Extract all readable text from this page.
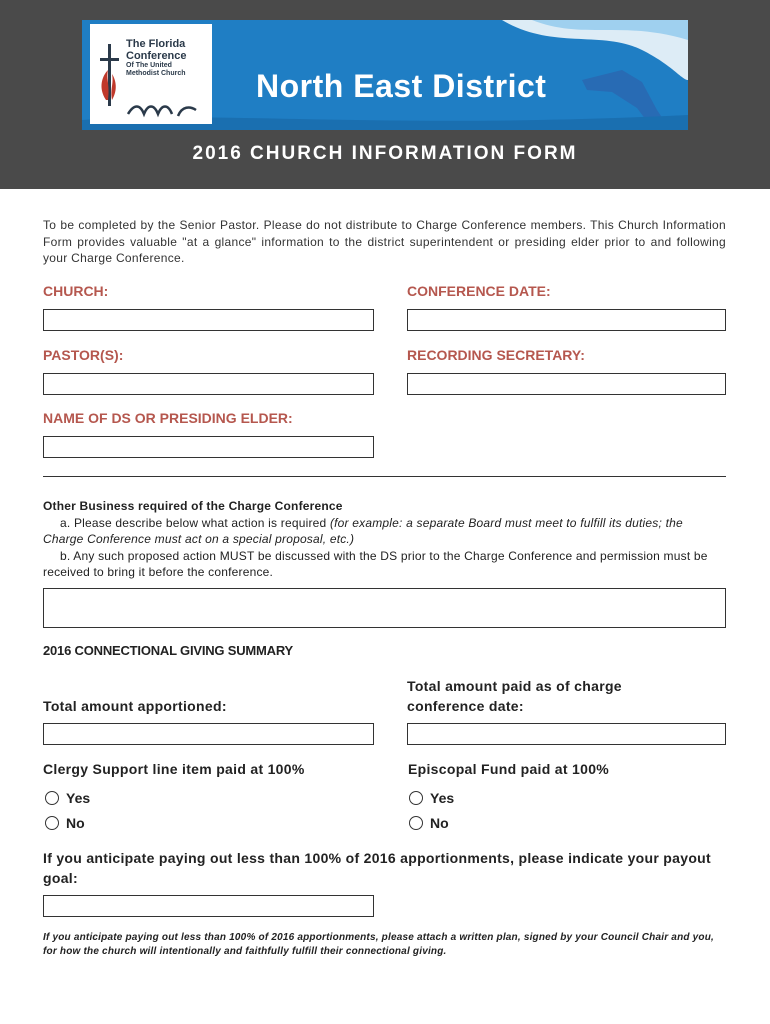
The Florida
Conference

Of The United
Methodist Church North East District
2016 CHURCH INFORMATION FORM
To be completed by the Senior Pastor. Please do not distribute to Charge Conference members. This Church Information Form provides valuable "at a glance" information to the district superintendent or presiding elder prior to and following your Charge Conference.
CHURCH:	CONFERENCE DATE:
PASTOR(S):	RECORDING SECRETARY:
NAME OF DS OR PRESIDING ELDER:
Other Business required of the Charge Conference
a. Please describe below what action is required (for example: a separate Board must meet to fulfill its duties; the Charge Conference must act on a special proposal, etc.)
b. Any such proposed action MUST be discussed with the DS prior to the Charge Conference and permission must be received to bring it before the conference.
2016 CONNECTIONAL GIVING SUMMARY
Total amount apportioned:
Total amount paid as of charge
conference date:
Clergy Support line item paid at 100%	Episcopal Fund paid at 100%
Yes
No
Yes
No
If you anticipate paying out less than 100% of 2016 apportionments, please indicate your payout goal:
If you anticipate paying out less than 100% of 2016 apportionments, please attach a written plan, signed by your Council Chair and you, for how the church will intentionally and faithfully fulfill their connectional giving.
